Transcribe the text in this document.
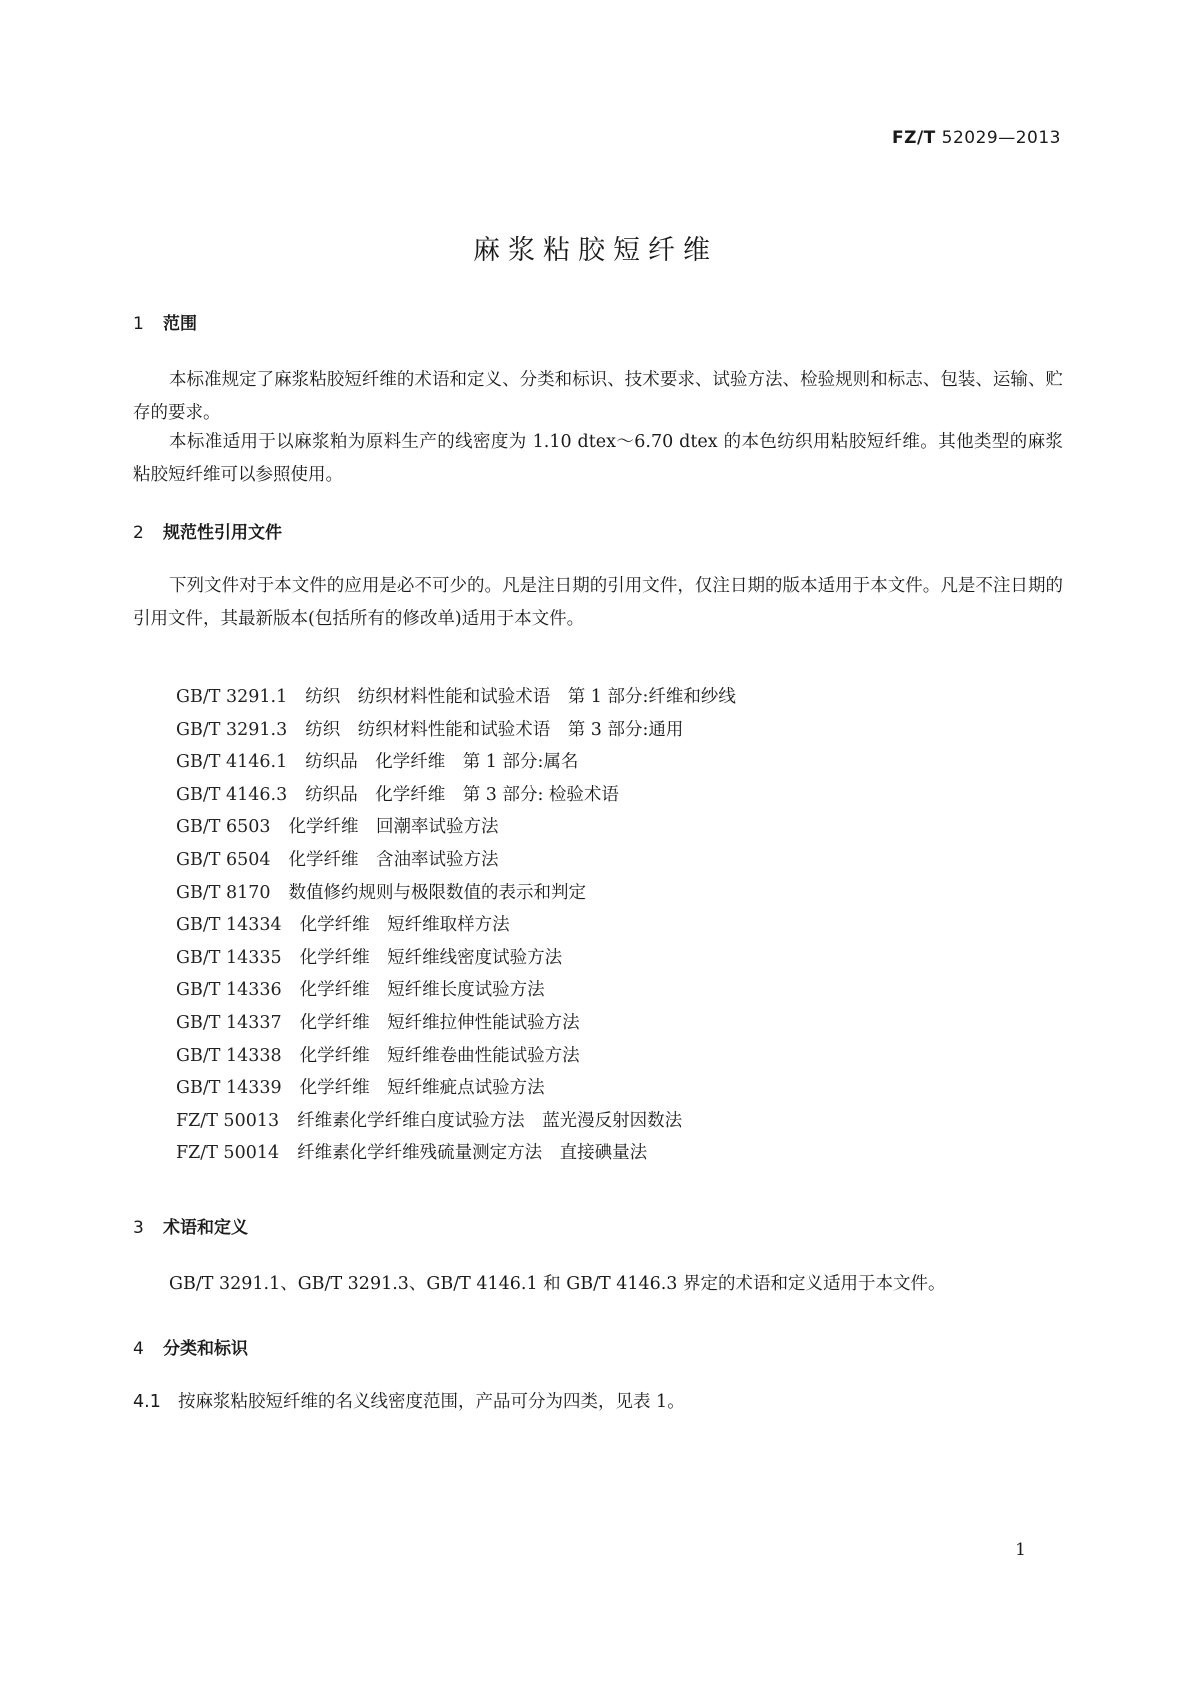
FZ/T 52029—2013
麻浆粘胶短纤维
1 范围

本标准规定了麻浆粘胶短纤维的术语和定义、分类和标识、技术要求、试验方法、检验规则和标志、包装、运输、贮存的要求。

本标准适用于以麻浆粕为原料生产的线密度为 1.10 dtex～6.70 dtex 的本色纺织用粘胶短纤维。其他类型的麻浆粘胶短纤维可以参照使用。

2 规范性引用文件

下列文件对于本文件的应用是必不可少的。凡是注日期的引用文件，仅注日期的版本适用于本文件。凡是不注日期的引用文件，其最新版本(包括所有的修改单)适用于本文件。

GB/T 3291.1 纺织　纺织材料性能和试验术语　第 1 部分:纤维和纱线
GB/T 3291.3 纺织　纺织材料性能和试验术语　第 3 部分:通用
GB/T 4146.1 纺织品　化学纤维　第 1 部分:属名
GB/T 4146.3 纺织品　化学纤维　第 3 部分: 检验术语
GB/T 6503 化学纤维　回潮率试验方法
GB/T 6504 化学纤维　含油率试验方法
GB/T 8170 数值修约规则与极限数值的表示和判定
GB/T 14334 化学纤维　短纤维取样方法
GB/T 14335 化学纤维　短纤维线密度试验方法
GB/T 14336 化学纤维　短纤维长度试验方法
GB/T 14337 化学纤维　短纤维拉伸性能试验方法
GB/T 14338 化学纤维　短纤维卷曲性能试验方法
GB/T 14339 化学纤维　短纤维疵点试验方法
FZ/T 50013 纤维素化学纤维白度试验方法　蓝光漫反射因数法
FZ/T 50014 纤维素化学纤维残硫量测定方法　直接碘量法
3 术语和定义

GB/T 3291.1、GB/T 3291.3、GB/T 4146.1 和 GB/T 4146.3 界定的术语和定义适用于本文件。

4 分类和标识
4.1 按麻浆粘胶短纤维的名义线密度范围，产品可分为四类，见表 1。
1
